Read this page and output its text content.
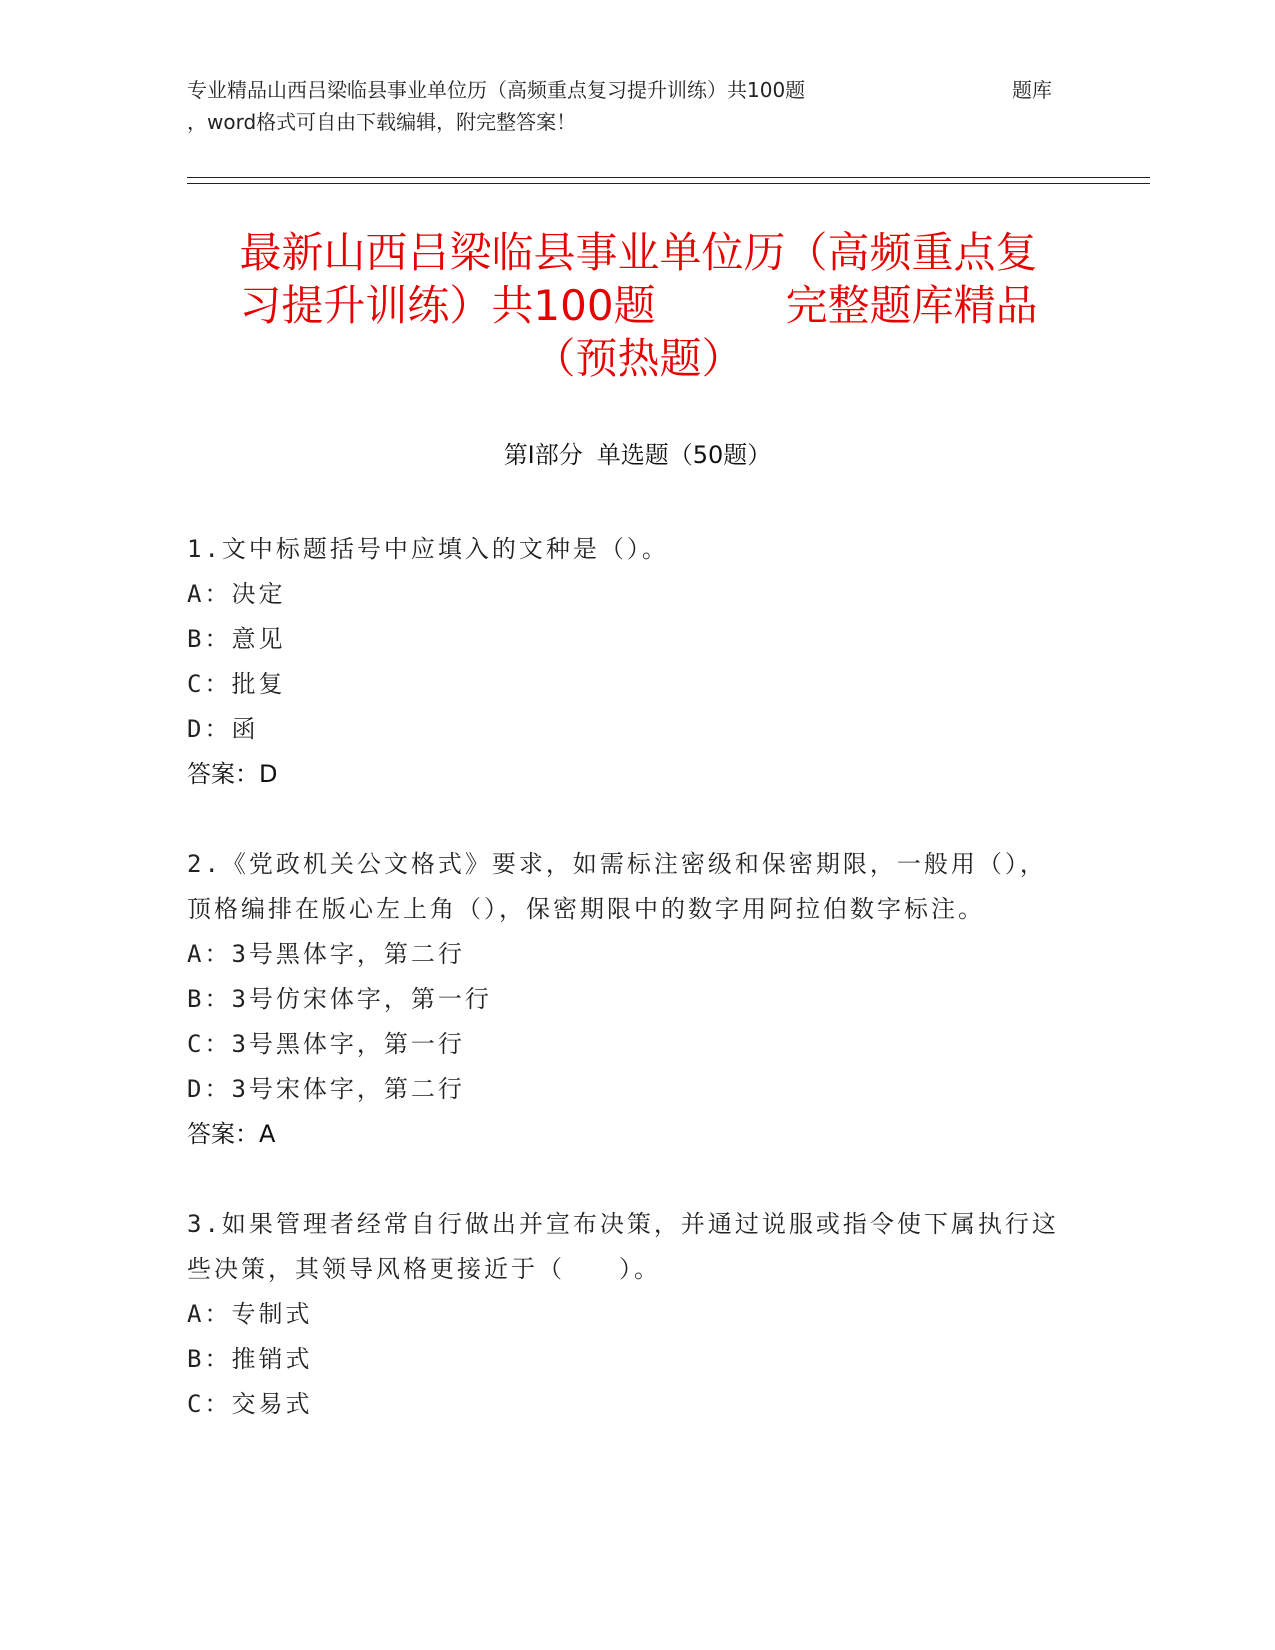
专业精品山西吕梁临县事业单位历（高频重点复习提升训练）共100题	题库
，word格式可自由下载编辑，附完整答案！
最新山西吕梁临县事业单位历（高频重点复
习提升训练）共100题	完整题库精品
（预热题）
第Ⅰ部分 单选题（50题）
1.文中标题括号中应填入的文种是（）。
A：决定
B：意见
C：批复
D：函
答案：D
2.《党政机关公文格式》要求，如需标注密级和保密期限，一般用（），顶格编排在版心左上角（），保密期限中的数字用阿拉伯数字标注。
A：3号黑体字，第二行
B：3号仿宋体字，第一行
C：3号黑体字，第一行
D：3号宋体字，第二行
答案：A
3.如果管理者经常自行做出并宣布决策，并通过说服或指令使下属执行这些决策，其领导风格更接近于（　　）。
A：专制式
B：推销式
C：交易式
